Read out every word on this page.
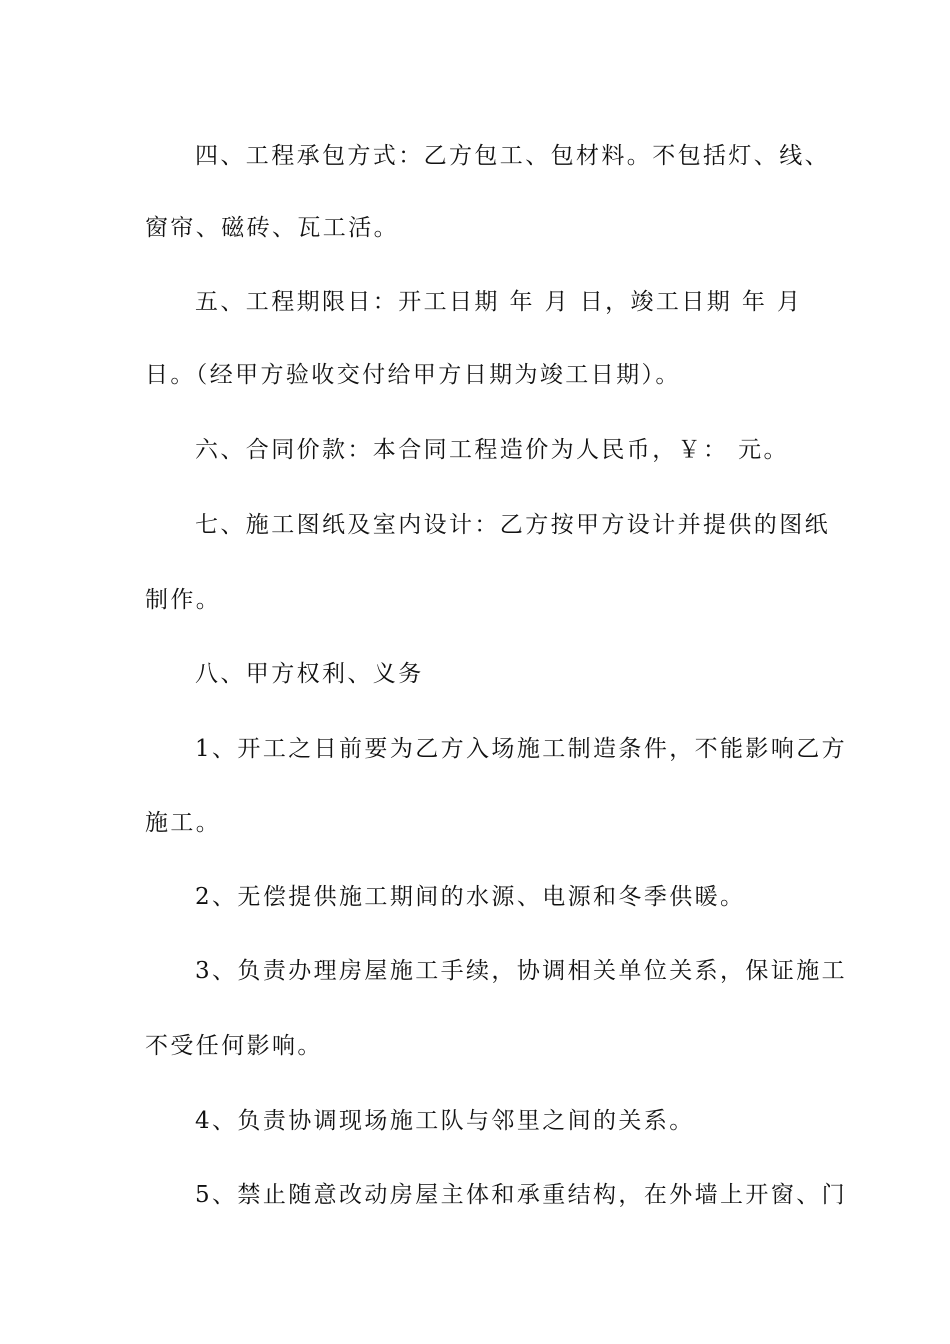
四、工程承包方式：乙方包工、包材料。不包括灯、线、
窗帘、磁砖、瓦工活。
五、工程期限日：开工日期 年 月 日，竣工日期 年 月
日。（经甲方验收交付给甲方日期为竣工日期）。
六、合同价款：本合同工程造价为人民币，￥： 元。
七、施工图纸及室内设计：乙方按甲方设计并提供的图纸
制作。
八、甲方权利、义务
1、开工之日前要为乙方入场施工制造条件，不能影响乙方
施工。
2、无偿提供施工期间的水源、电源和冬季供暖。
3、负责办理房屋施工手续，协调相关单位关系，保证施工
不受任何影响。
4、负责协调现场施工队与邻里之间的关系。
5、禁止随意改动房屋主体和承重结构，在外墙上开窗、门
